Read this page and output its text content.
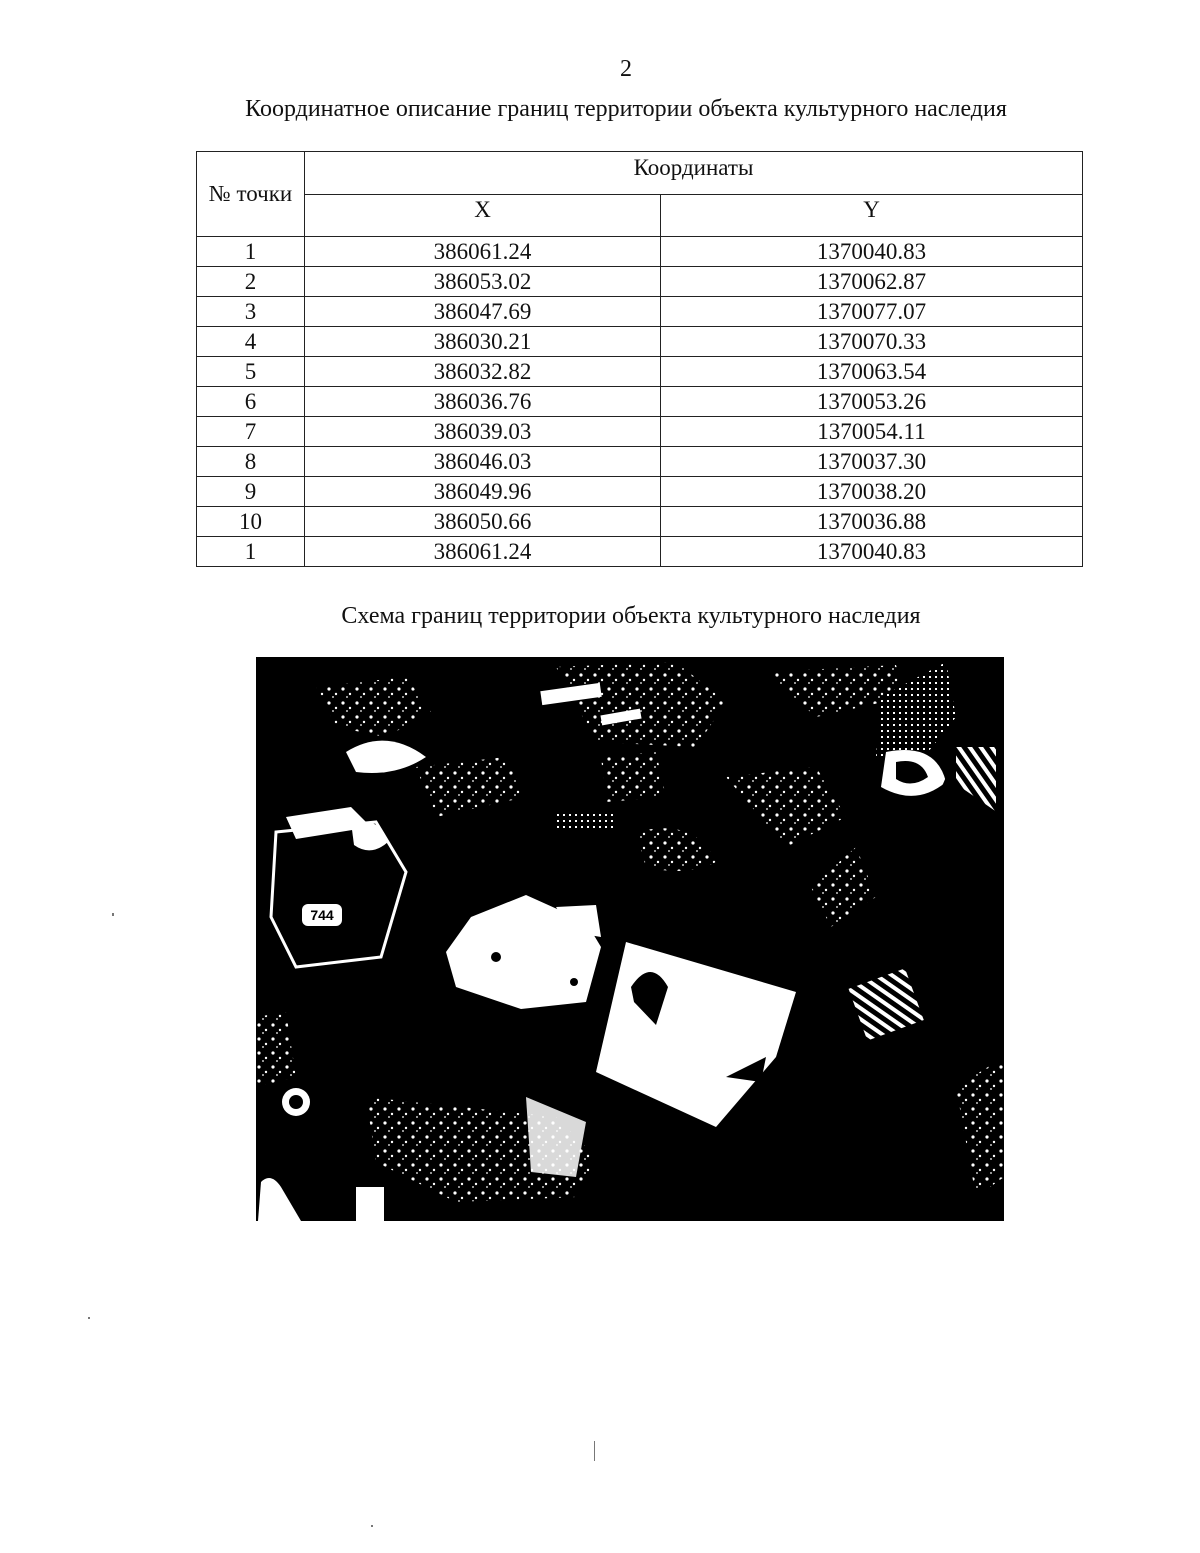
2
Координатное описание границ территории объекта культурного наследия
№ точки	Координаты	
	X	Y
1	386061.24	1370040.83
2	386053.02	1370062.87
3	386047.69	1370077.07
4	386030.21	1370070.33
5	386032.82	1370063.54
6	386036.76	1370053.26
7	386039.03	1370054.11
8	386046.03	1370037.30
9	386049.96	1370038.20
10	386050.66	1370036.88
1	386061.24	1370040.83
Схема границ территории объекта культурного наследия
744
